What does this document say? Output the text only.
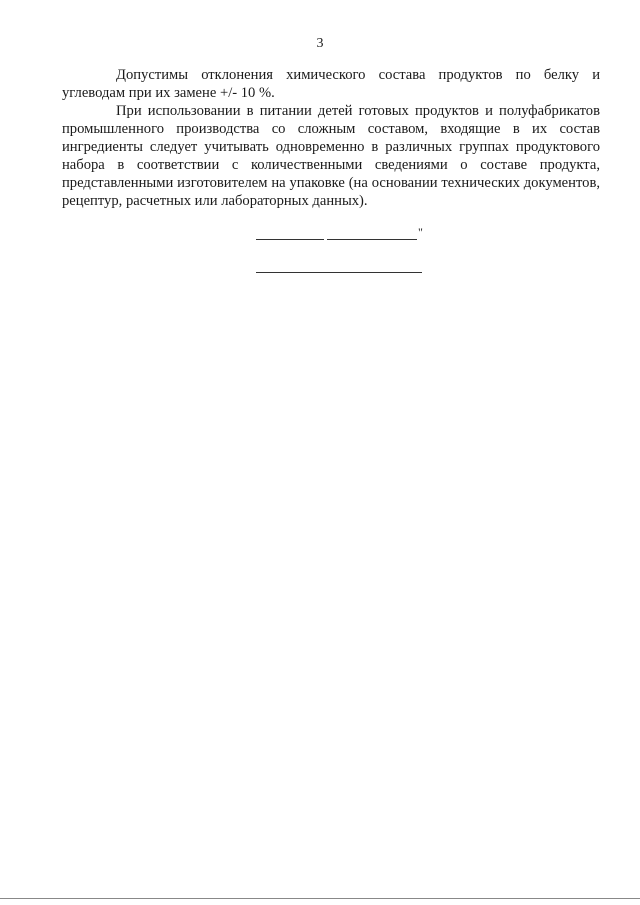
3

Допустимы отклонения химического состава продуктов по белку и углеводам при их замене +/- 10 %.

При использовании в питании детей готовых продуктов и полуфабрикатов промышленного производства со сложным составом, входящие в их состав ингредиенты следует учитывать одновременно в различных группах продуктового набора в соответствии с количественными сведениями о составе продукта, представленными изготовителем на упаковке (на основании технических документов, рецептур, расчетных или лабораторных данных).

"
